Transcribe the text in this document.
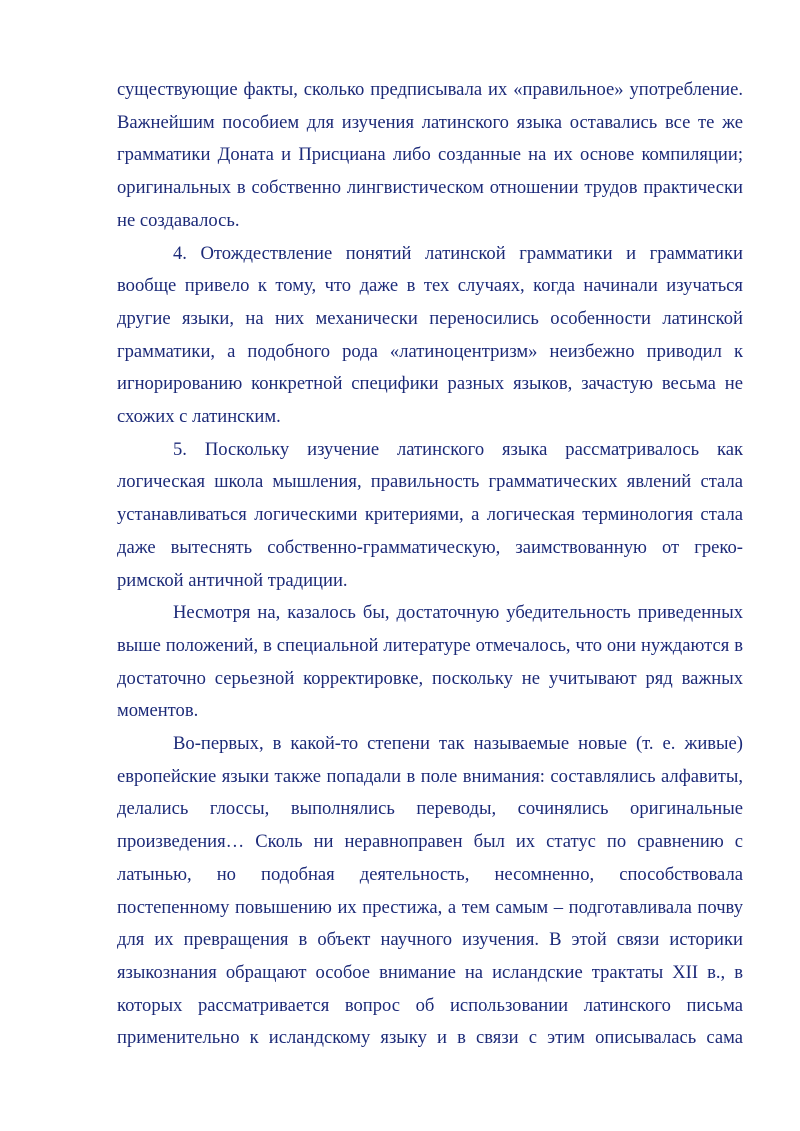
существующие факты, сколько предписывала их «правильное» употребление. Важнейшим пособием для изучения латинского языка оставались все те же грамматики Доната и Присциана либо созданные на их основе компиляции; оригинальных в собственно лингвистическом отношении трудов практически не создавалось.

4. Отождествление понятий латинской грамматики и грамматики вообще привело к тому, что даже в тех случаях, когда начинали изучаться другие языки, на них механически переносились особенности латинской грамматики, а подобного рода «латиноцентризм» неизбежно приводил к игнорированию конкретной специфики разных языков, зачастую весьма не схожих с латинским.

5. Поскольку изучение латинского языка рассматривалось как логическая школа мышления, правильность грамматических явлений стала устанавливаться логическими критериями, а логическая терминология стала даже вытеснять собственно-грамматическую, заимствованную от греко-римской античной традиции.

Несмотря на, казалось бы, достаточную убедительность приведенных выше положений, в специальной литературе отмечалось, что они нуждаются в достаточно серьезной корректировке, поскольку не учитывают ряд важных моментов.

Во-первых, в какой-то степени так называемые новые (т. е. живые) европейские языки также попадали в поле внимания: составлялись алфавиты, делались глоссы, выполнялись переводы, сочинялись оригинальные произведения… Сколь ни неравноправен был их статус по сравнению с латынью, но подобная деятельность, несомненно, способствовала постепенному повышению их престижа, а тем самым – подготавливала почву для их превращения в объект научного изучения. В этой связи историки языкознания обращают особое внимание на исландские трактаты XII в., в которых рассматривается вопрос об использовании латинского письма применительно к исландскому языку и в связи с этим описывалась сама
